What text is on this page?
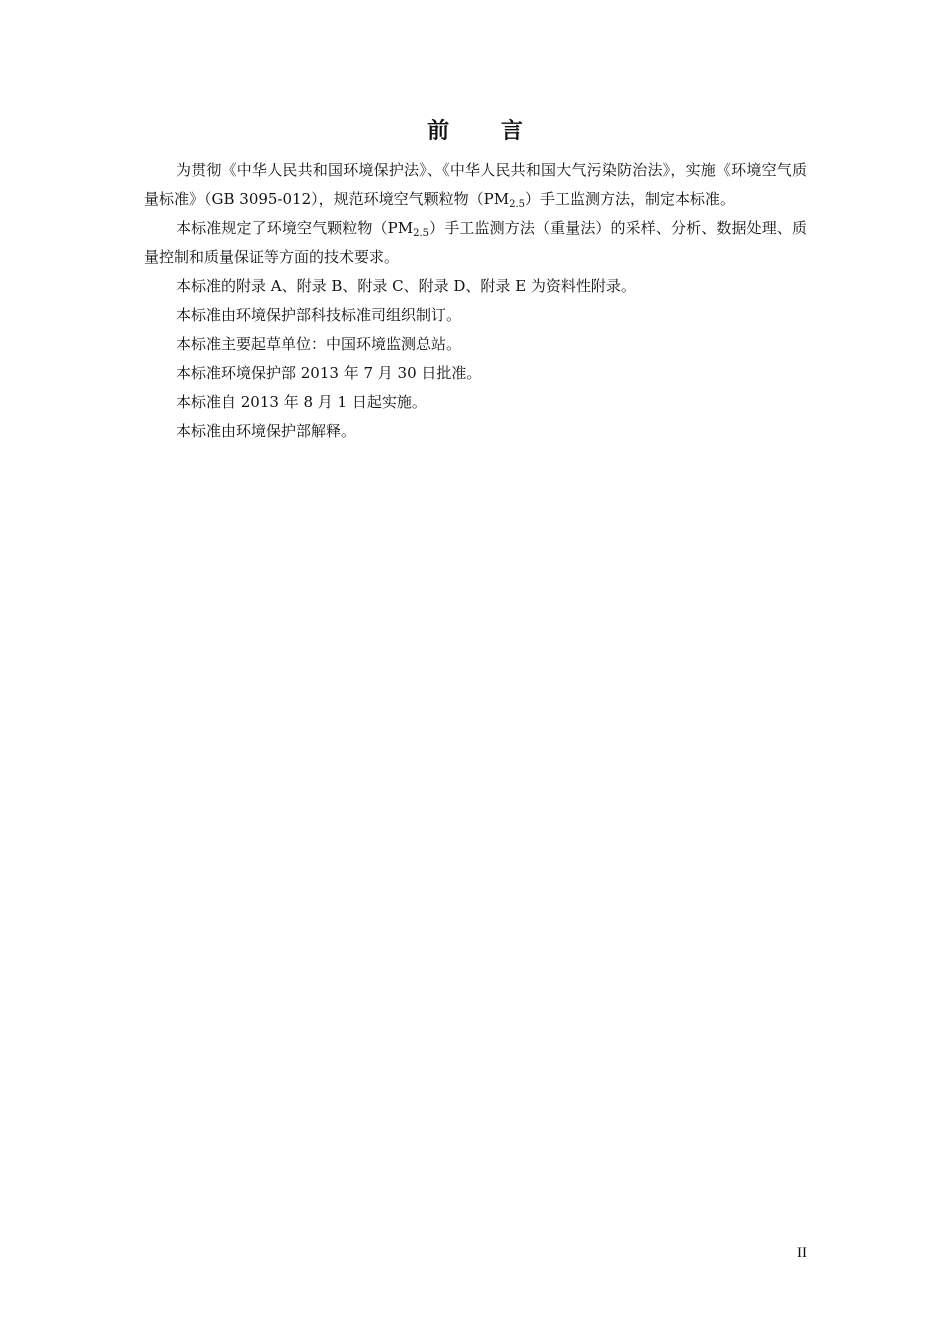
前 言

为贯彻《中华人民共和国环境保护法》、《中华人民共和国大气污染防治法》，实施《环境空气质量标准》（GB 3095-012），规范环境空气颗粒物$(PM_{2.5})$手工监测方法，制定本标准。

本标准规定了环境空气颗粒物$(PM_{2.5})$手工监测方法（重量法）的采样、分析、数据处理、质量控制和质量保证等方面的技术要求。

本标准的附录 A、附录 B、附录 C、附录 D、附录 E 为资料性附录。

本标准由环境保护部科技标准司组织制订。

本标准主要起草单位：中国环境监测总站。

本标准环境保护部 2013 年 7 月 30 日批准。

本标准自 2013 年 8 月 1 日起实施。

本标准由环境保护部解释。

II
